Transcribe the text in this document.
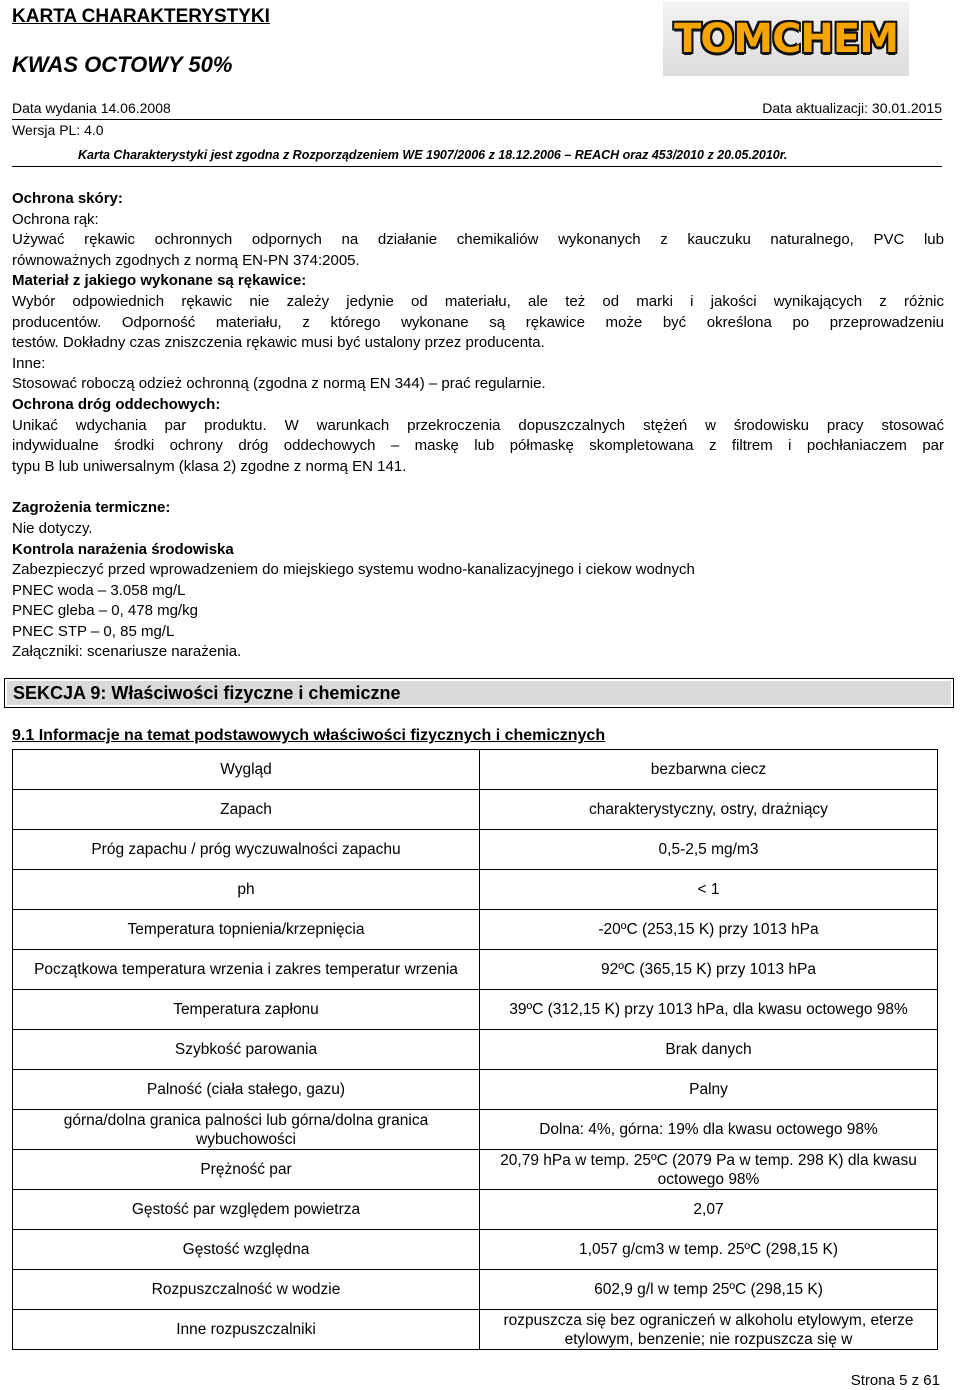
KARTA CHARAKTERYSTYKI
KWAS OCTOWY 50%
TOMCHEM
Data wydania 14.06.2008	Data aktualizacji: 30.01.2015
Wersja PL: 4.0
Karta Charakterystyki jest zgodna z Rozporządzeniem WE 1907/2006 z 18.12.2006 – REACH oraz 453/2010 z 20.05.2010r.

Ochrona skóry:

Ochrona rąk:

Używać rękawic ochronnych odpornych na działanie chemikaliów wykonanych z kauczuku naturalnego, PVC lub

równoważnych zgodnych z normą EN-PN 374:2005.

Materiał z jakiego wykonane są rękawice:

Wybór odpowiednich rękawic nie zależy jedynie od materiału, ale też od marki i jakości wynikających z różnic

producentów. Odporność materiału, z którego wykonane są rękawice może być określona po przeprowadzeniu

testów. Dokładny czas zniszczenia rękawic musi być ustalony przez producenta.

Inne:

Stosować roboczą odzież ochronną (zgodna z normą EN 344) – prać regularnie.

Ochrona dróg oddechowych:

Unikać wdychania par produktu. W warunkach przekroczenia dopuszczalnych stężeń w środowisku pracy stosować

indywidualne środki ochrony dróg oddechowych – maskę lub półmaskę skompletowana z filtrem i pochłaniaczem par

typu B lub uniwersalnym (klasa 2) zgodne z normą EN 141.

Zagrożenia termiczne:

Nie dotyczy.

Kontrola narażenia środowiska

Zabezpieczyć przed wprowadzeniem do miejskiego systemu wodno-kanalizacyjnego i ciekow wodnych

PNEC woda – 3.058 mg/L

PNEC gleba – 0, 478 mg/kg

PNEC STP – 0, 85 mg/L

Załączniki: scenariusze narażenia.

SEKCJA 9: Właściwości fizyczne i chemiczne
9.1 Informacje na temat podstawowych właściwości fizycznych i chemicznych
Wygląd	bezbarwna ciecz
Zapach	charakterystyczny, ostry, drażniący
Próg zapachu / próg wyczuwalności zapachu	0,5-2,5 mg/m3
ph	< 1
Temperatura topnienia/krzepnięcia	-20ºC (253,15 K) przy 1013 hPa
Początkowa temperatura wrzenia i zakres temperatur wrzenia	92ºC (365,15 K) przy 1013 hPa
Temperatura zapłonu	39ºC (312,15 K) przy 1013 hPa, dla kwasu octowego 98%
Szybkość parowania	Brak danych
Palność (ciała stałego, gazu)	Palny
górna/dolna granica palności lub górna/dolna granica wybuchowości	Dolna: 4%, górna: 19% dla kwasu octowego 98%
Prężność par	20,79 hPa w temp. 25ºC (2079 Pa w temp. 298 K) dla kwasu octowego 98%
Gęstość par względem powietrza	2,07
Gęstość względna	1,057 g/cm3 w temp. 25ºC (298,15 K)
Rozpuszczalność w wodzie	602,9 g/l w temp 25ºC (298,15 K)
Inne rozpuszczalniki	rozpuszcza się bez ograniczeń w alkoholu etylowym, eterze etylowym, benzenie; nie rozpuszcza się w
Strona 5 z 61
